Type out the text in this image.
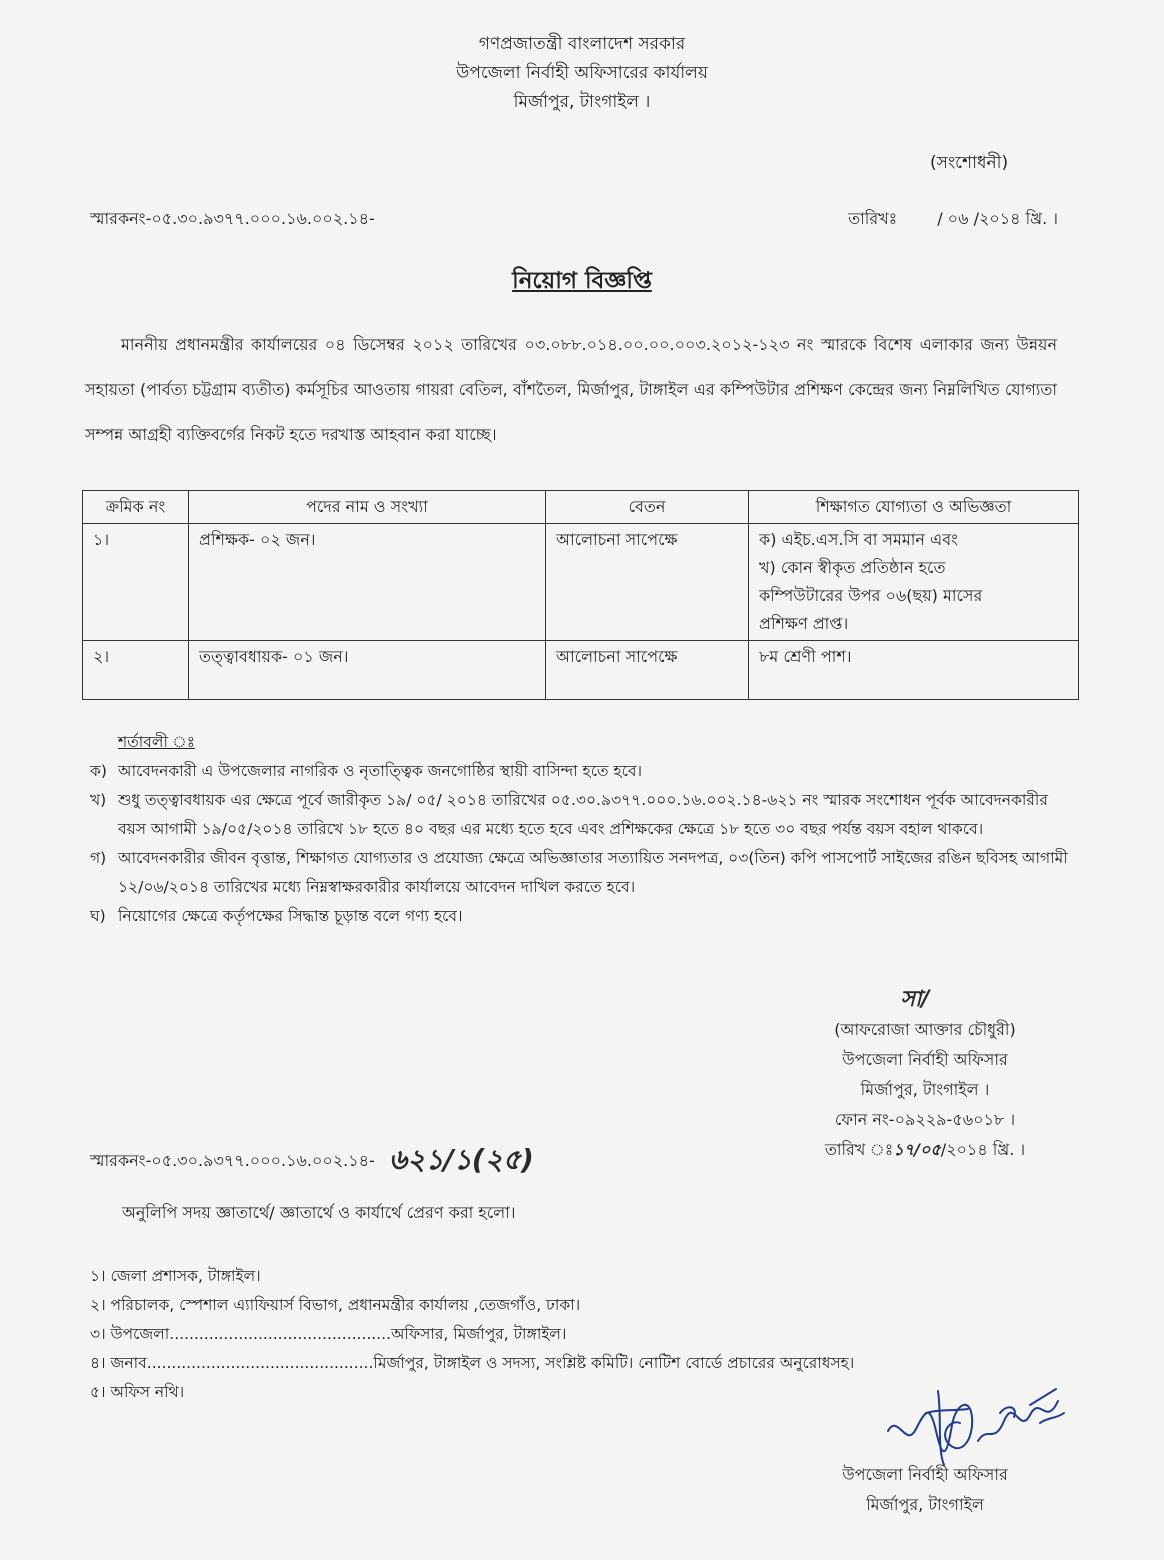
গণপ্রজাতন্ত্রী বাংলাদেশ সরকার
উপজেলা নির্বাহী অফিসারের কার্যালয়
মির্জাপুর, টাংগাইল ।
(সংশোধনী)
স্মারকনং-০৫.৩০.৯৩৭৭.০০০.১৬.০০২.১৪-	তারিখঃ	/ ০৬ /২০১৪ খ্রি. ।
নিয়োগ বিজ্ঞপ্তি
মাননীয় প্রধানমন্ত্রীর কার্যালয়ের ০৪ ডিসেম্বর ২০১২ তারিখের ০৩.০৮৮.০১৪.০০.০০.০০৩.২০১২-১২৩ নং স্মারকে বিশেষ এলাকার জন্য উন্নয়ন সহায়তা (পার্বত্য চট্টগ্রাম ব্যতীত) কর্মসূচির আওতায় গায়রা বেতিল, বাঁশতৈল, মির্জাপুর, টাঙ্গাইল এর কম্পিউটার প্রশিক্ষণ কেন্দ্রের জন্য নিম্নলিখিত যোগ্যতা সম্পন্ন আগ্রহী ব্যক্তিবর্গের নিকট হতে দরখাস্ত আহবান করা যাচ্ছে।
ক্রমিক নং	পদের নাম ও সংখ্যা	বেতন	শিক্ষাগত যোগ্যতা ও অভিজ্ঞতা
১।	প্রশিক্ষক- ০২ জন।	আলোচনা সাপেক্ষে	ক) এইচ.এস.সি বা সমমান এবং
খ) কোন স্বীকৃত প্রতিষ্ঠান হতে
কম্পিউটারের উপর ০৬(ছয়) মাসের
প্রশিক্ষণ প্রাপ্ত।

২।	তত্ত্বাবধায়ক- ০১ জন।	আলোচনা সাপেক্ষে	৮ম শ্রেণী পাশ।
শর্তাবলী ঃ
ক) আবেদনকারী এ উপজেলার নাগরিক ও নৃতাত্ত্বিক জনগোষ্ঠির স্থায়ী বাসিন্দা হতে হবে।
খ) শুধু তত্ত্বাবধায়ক এর ক্ষেত্রে পূর্বে জারীকৃত ১৯/ ০৫/ ২০১৪ তারিখের ০৫.৩০.৯৩৭৭.০০০.১৬.০০২.১৪-৬২১ নং স্মারক সংশোধন পূর্বক আবেদনকারীর বয়স আগামী ১৯/০৫/২০১৪ তারিখে ১৮ হতে ৪০ বছর এর মধ্যে হতে হবে এবং প্রশিক্ষকের ক্ষেত্রে ১৮ হতে ৩০ বছর পর্যন্ত বয়স বহাল থাকবে।
গ) আবেদনকারীর জীবন বৃত্তান্ত, শিক্ষাগত যোগ্যতার ও প্রযোজ্য ক্ষেত্রে অভিজ্ঞাতার সত্যায়িত সনদপত্র, ০৩(তিন) কপি পাসপোর্ট সাইজের রঙিন ছবিসহ আগামী ১২/০৬/২০১৪ তারিখের মধ্যে নিম্নস্বাক্ষরকারীর কার্যালয়ে আবেদন দাখিল করতে হবে।
ঘ) নিয়োগের ক্ষেত্রে কর্তৃপক্ষের সিদ্ধান্ত চূড়ান্ত বলে গণ্য হবে।
সা/
(আফরোজা আক্তার চৌধুরী)
উপজেলা নির্বাহী অফিসার
মির্জাপুর, টাংগাইল ।
ফোন নং-০৯২২৯-৫৬০১৮ ।
তারিখ ঃ১৭/০৫/২০১৪ খ্রি. ।
স্মারকনং-০৫.৩০.৯৩৭৭.০০০.১৬.০০২.১৪- ৬২১/১(২৫)
অনুলিপি সদয় জ্ঞাতার্থে/ জ্ঞাতার্থে ও কার্যার্থে প্রেরণ করা হলো।
১। জেলা প্রশাসক, টাঙ্গাইল।
২। পরিচালক, স্পেশাল এ্যাফিয়ার্স বিভাগ, প্রধানমন্ত্রীর কার্যালয় ,তেজগাঁও, ঢাকা।
৩। উপজেলা.............................................অফিসার, মির্জাপুর, টাঙ্গাইল।
৪। জনাব..............................................মির্জাপুর, টাঙ্গাইল ও সদস্য, সংশ্লিষ্ট কমিটি। নোটিশ বোর্ডে প্রচারের অনুরোধসহ।
৫। অফিস নথি।
উপজেলা নির্বাহী অফিসার
মির্জাপুর, টাংগাইল
